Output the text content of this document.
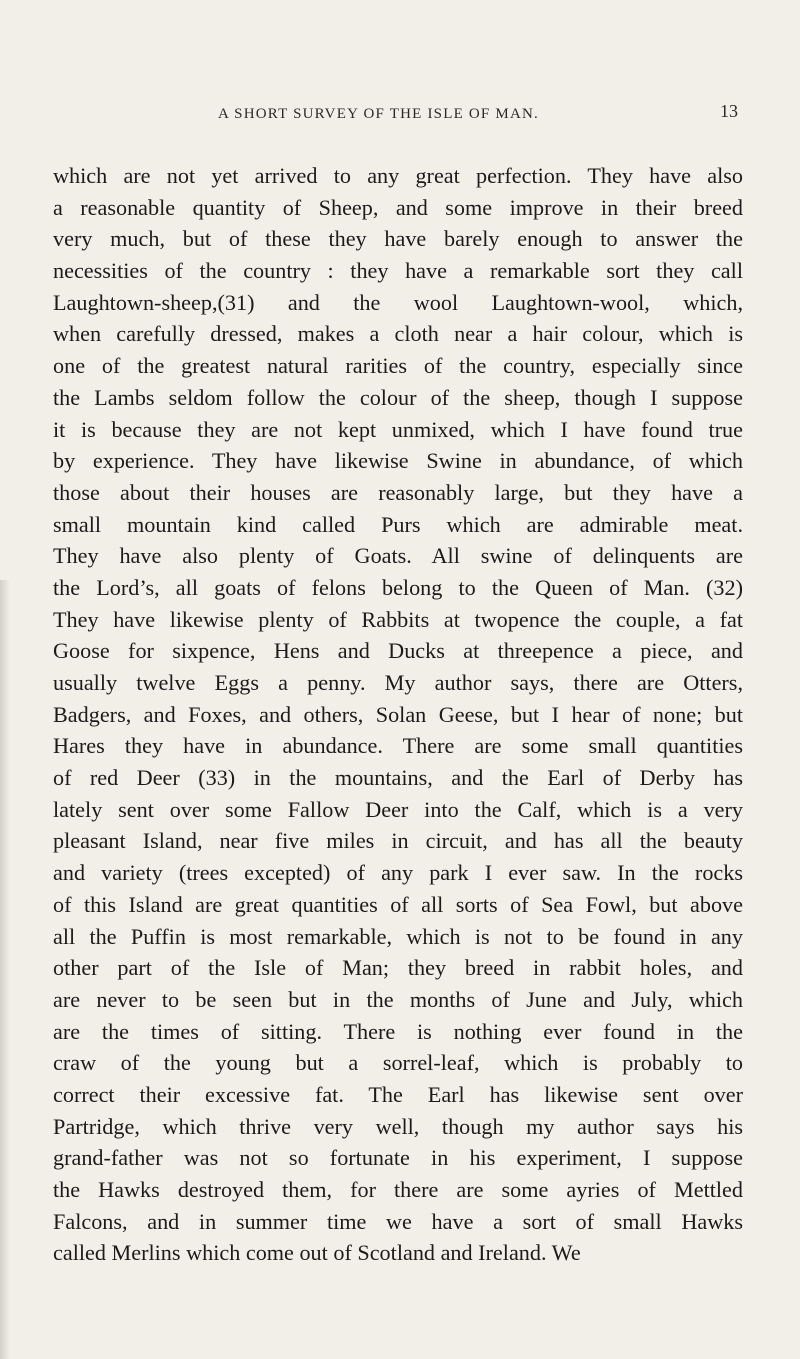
A SHORT SURVEY OF THE ISLE OF MAN.	13
which are not yet arrived to any great perfection. They have also
a reasonable quantity of Sheep, and some improve in their breed
very much, but of these they have barely enough to answer the
necessities of the country : they have a remarkable sort they call
Laughtown-sheep,(31) and the wool Laughtown-wool, which,
when carefully dressed, makes a cloth near a hair colour, which is
one of the greatest natural rarities of the country, especially since
the Lambs seldom follow the colour of the sheep, though I suppose
it is because they are not kept unmixed, which I have found true
by experience. They have likewise Swine in abundance, of which
those about their houses are reasonably large, but they have a
small mountain kind called Purs which are admirable meat.
They have also plenty of Goats. All swine of delinquents are
the Lord’s, all goats of felons belong to the Queen of Man. (32)
They have likewise plenty of Rabbits at twopence the couple, a fat
Goose for sixpence, Hens and Ducks at threepence a piece, and
usually twelve Eggs a penny. My author says, there are Otters,
Badgers, and Foxes, and others, Solan Geese, but I hear of none; but
Hares they have in abundance. There are some small quantities
of red Deer (33) in the mountains, and the Earl of Derby has
lately sent over some Fallow Deer into the Calf, which is a very
pleasant Island, near five miles in circuit, and has all the beauty
and variety (trees excepted) of any park I ever saw. In the rocks
of this Island are great quantities of all sorts of Sea Fowl, but above
all the Puffin is most remarkable, which is not to be found in any
other part of the Isle of Man; they breed in rabbit holes, and
are never to be seen but in the months of June and July, which
are the times of sitting. There is nothing ever found in the
craw of the young but a sorrel-leaf, which is probably to
correct their excessive fat. The Earl has likewise sent over
Partridge, which thrive very well, though my author says his
grand-father was not so fortunate in his experiment, I suppose
the Hawks destroyed them, for there are some ayries of Mettled
Falcons, and in summer time we have a sort of small Hawks
called Merlins which come out of Scotland and Ireland. We
